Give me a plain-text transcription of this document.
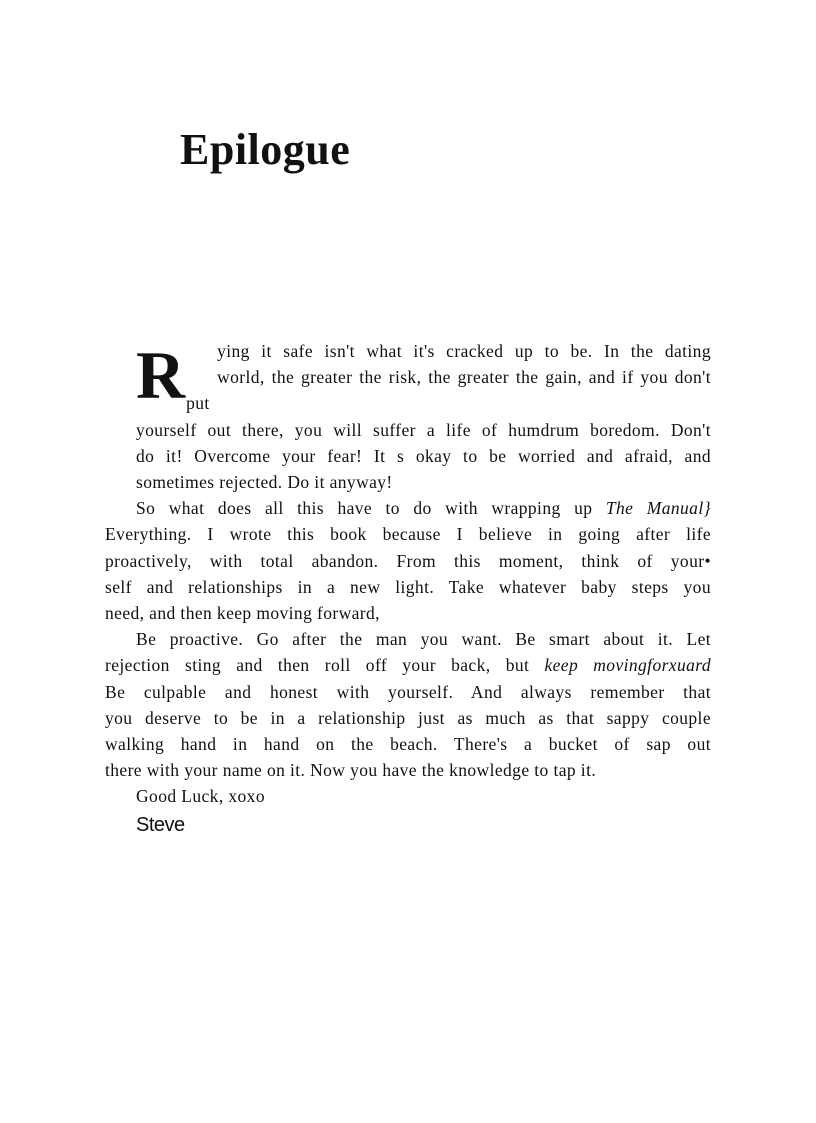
Epilogue

R	ying it safe isn't what it's cracked up to be. In the dating
world, the greater the risk, the greater the gain, and if you don't put
yourself out there, you will suffer a life of humdrum boredom. Don't
do it! Overcome your fear! It s okay to be worried and afraid, and
sometimes rejected. Do it anyway!

So what does all this have to do with wrapping up The Manual}
Everything. I wrote this book because I believe in going after life
proactively, with total abandon. From this moment, think of your•
self and relationships in a new light. Take whatever baby steps you
need, and then keep moving forward,

Be proactive. Go after the man you want. Be smart about it. Let
rejection sting and then roll off your back, but keep movingforxuard
Be culpable and honest with yourself. And always remember that
you deserve to be in a relationship just as much as that sappy couple
walking hand in hand on the beach. There's a bucket of sap out
there with your name on it. Now you have the knowledge to tap it.

Good Luck, xoxo

Steve
